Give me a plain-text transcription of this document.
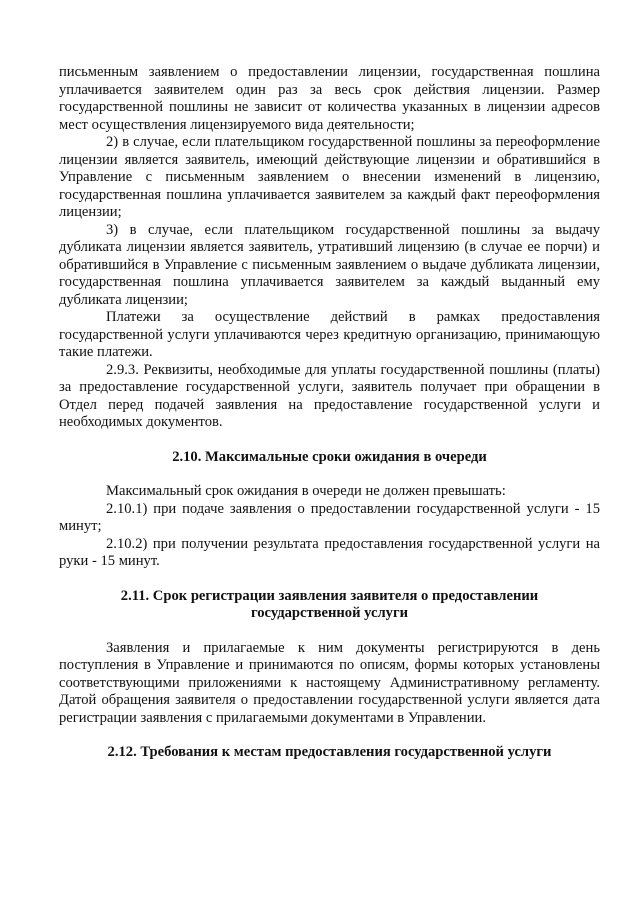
письменным заявлением о предоставлении лицензии, государственная пошлина уплачивается заявителем один раз за весь срок действия лицензии. Размер государственной пошлины не зависит от количества указанных в лицензии адресов мест осуществления лицензируемого вида деятельности;

2) в случае, если плательщиком государственной пошлины за переоформление лицензии является заявитель, имеющий действующие лицензии и обратившийся в Управление с письменным заявлением о внесении изменений в лицензию, государственная пошлина уплачивается заявителем за каждый факт переоформления лицензии;

3) в случае, если плательщиком государственной пошлины за выдачу дубликата лицензии является заявитель, утративший лицензию (в случае ее порчи) и обратившийся в Управление с письменным заявлением о выдаче дубликата лицензии, государственная пошлина уплачивается заявителем за каждый выданный ему дубликата лицензии;

Платежи за осуществление действий в рамках предоставления государственной услуги уплачиваются через кредитную организацию, принимающую такие платежи.

2.9.3. Реквизиты, необходимые для уплаты государственной пошлины (платы) за предоставление государственной услуги, заявитель получает при обращении в Отдел перед подачей заявления на предоставление государственной услуги и необходимых документов.

2.10. Максимальные сроки ожидания в очереди

Максимальный срок ожидания в очереди не должен превышать:

2.10.1) при подаче заявления о предоставлении государственной услуги - 15 минут;

2.10.2) при получении результата предоставления государственной услуги на руки - 15 минут.

2.11. Срок регистрации заявления заявителя о предоставлении

государственной услуги

Заявления и прилагаемые к ним документы регистрируются в день поступления в Управление и принимаются по описям, формы которых установлены соответствующими приложениями к настоящему Административному регламенту. Датой обращения заявителя о предоставлении государственной услуги является дата регистрации заявления с прилагаемыми документами в Управлении.

2.12. Требования к местам предоставления государственной услуги
